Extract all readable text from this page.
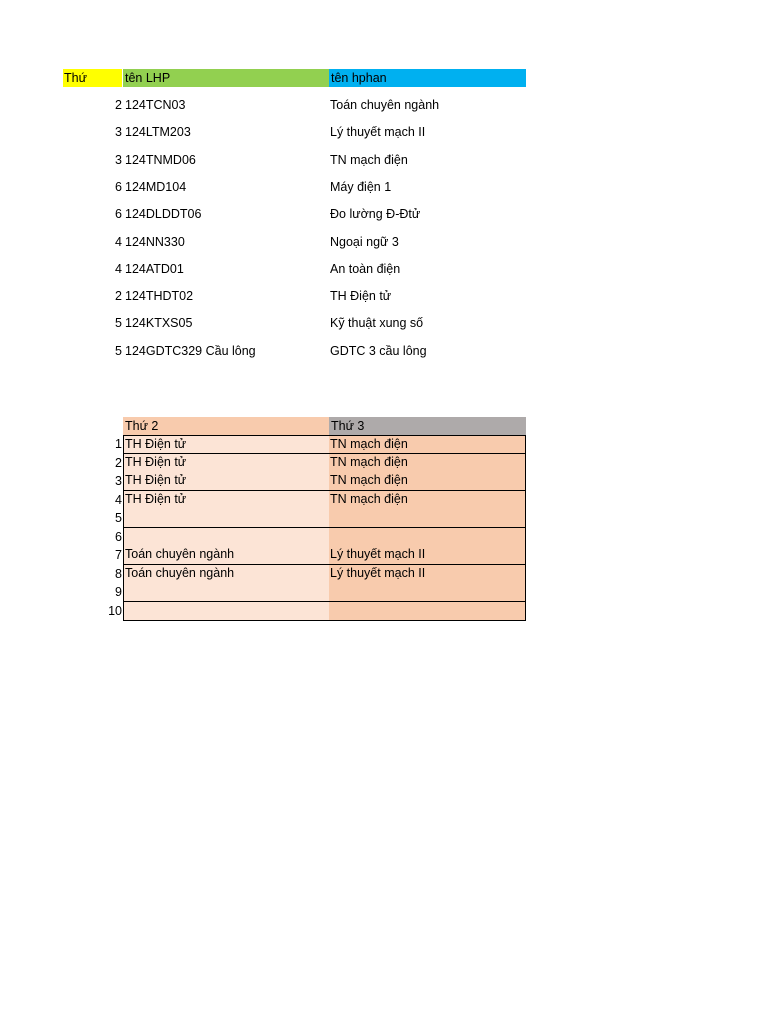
Thứ	tên LHP	tên hphan
2 124TCN03	Toán chuyên ngành
3 124LTM203	Lý thuyết mạch II
3 124TNMD06	TN mạch điện
6 124MD104	Máy điện 1
6 124DLDDT06	Đo lường Đ-Đtử
4 124NN330	Ngoại ngữ 3
4 124ATD01	An toàn điện
2 124THDT02	TH Điện tử
5 124KTXS05	Kỹ thuật xung số
5 124GDTC329 Cầu lông	GDTC 3 cầu lông
Thứ 2	Thứ 3
1 TH Điện tử	TN mạch điện
2 TH Điện tử	TN mạch điện
3 TH Điện tử	TN mạch điện
4 TH Điện tử	TN mạch điện
5
6
7 Toán chuyên ngành	Lý thuyết mạch II
8 Toán chuyên ngành	Lý thuyết mạch II
9
10
